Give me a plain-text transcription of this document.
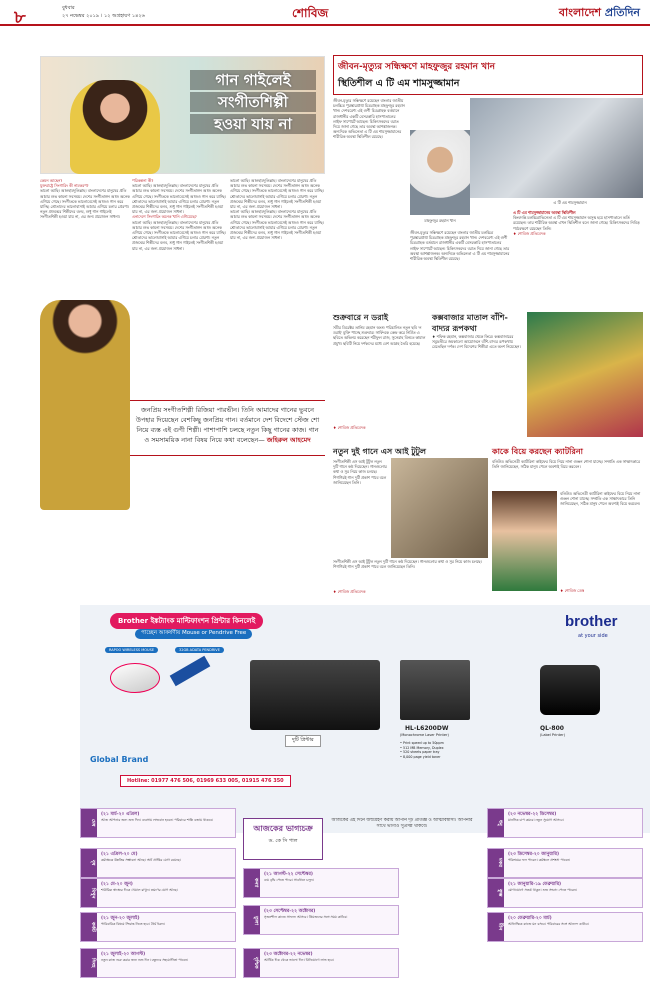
৮	বুধবার
২৭ নভেম্বর ২০১৯ । ১২ অগ্রহায়ণ ১৪২৬	শোবিজ	বাংলাদেশ প্রতিদিন
গান গাইলেই
সংগীতশিল্পী
হওয়া যায় না
কেমন আছেন?
যুক্তরাষ্ট্রে সিংগারিং কী নামকরণ?
ভালো আছি। আলহামদুলিল্লাহ। বাংলাদেশের মানুষের প্রতি আমার শুভ কামনা সবসময়। দেশের সংগীতাঙ্গন আজ অনেক এগিয়ে গেছে। সংগীতকে ভালোবেসেই আজও গান করে যাচ্ছি। শ্রোতাদের ভালোবাসাই আমার এগিয়ে চলার প্রেরণা। নতুন প্রজন্মের শিল্পীদের বলব, শুধু গান গাইলেই সংগীতশিল্পী হওয়া যায় না, এর জন্য প্রয়োজন সাধনা।
পরিকল্পনা কী?
ভালো আছি। আলহামদুলিল্লাহ। বাংলাদেশের মানুষের প্রতি আমার শুভ কামনা সবসময়। দেশের সংগীতাঙ্গন আজ অনেক এগিয়ে গেছে। সংগীতকে ভালোবেসেই আজও গান করে যাচ্ছি। শ্রোতাদের ভালোবাসাই আমার এগিয়ে চলার প্রেরণা। নতুন প্রজন্মের শিল্পীদের বলব, শুধু গান গাইলেই সংগীতশিল্পী হওয়া যায় না, এর জন্য প্রয়োজন সাধনা।
এনাদেশে সিংগারিং অনেক খানি এগিয়েছে?
ভালো আছি। আলহামদুলিল্লাহ। বাংলাদেশের মানুষের প্রতি আমার শুভ কামনা সবসময়। দেশের সংগীতাঙ্গন আজ অনেক এগিয়ে গেছে। সংগীতকে ভালোবেসেই আজও গান করে যাচ্ছি। শ্রোতাদের ভালোবাসাই আমার এগিয়ে চলার প্রেরণা। নতুন প্রজন্মের শিল্পীদের বলব, শুধু গান গাইলেই সংগীতশিল্পী হওয়া যায় না, এর জন্য প্রয়োজন সাধনা।
ভালো আছি। আলহামদুলিল্লাহ। বাংলাদেশের মানুষের প্রতি আমার শুভ কামনা সবসময়। দেশের সংগীতাঙ্গন আজ অনেক এগিয়ে গেছে। সংগীতকে ভালোবেসেই আজও গান করে যাচ্ছি। শ্রোতাদের ভালোবাসাই আমার এগিয়ে চলার প্রেরণা। নতুন প্রজন্মের শিল্পীদের বলব, শুধু গান গাইলেই সংগীতশিল্পী হওয়া যায় না, এর জন্য প্রয়োজন সাধনা।
ভালো আছি। আলহামদুলিল্লাহ। বাংলাদেশের মানুষের প্রতি আমার শুভ কামনা সবসময়। দেশের সংগীতাঙ্গন আজ অনেক এগিয়ে গেছে। সংগীতকে ভালোবেসেই আজও গান করে যাচ্ছি। শ্রোতাদের ভালোবাসাই আমার এগিয়ে চলার প্রেরণা। নতুন প্রজন্মের শিল্পীদের বলব, শুধু গান গাইলেই সংগীতশিল্পী হওয়া যায় না, এর জন্য প্রয়োজন সাধনা।
জনপ্রিয় সংগীতশিল্পী রিজিয়া পারভীন। তিনি আমাদের গানের ভুবনে উপহার দিয়েছেন বেশকিছু জনপ্রিয় গান। বর্তমানে দেশ বিদেশে স্টেজ শো নিয়ে ব্যস্ত এই গুণী শিল্পী। পাশাপাশি চলছে নতুন কিছু গানের কাজ। গান ও সমসাময়িক নানা বিষয় নিয়ে কথা বলেছেন— জহিরুল আহমেদ
জীবন-মৃত্যুর সন্ধিক্ষণে মাহফুজুর রহমান খান
স্থিতিশীল এ টি এম শামসুজ্জামান
জীবন-মৃত্যুর সন্ধিক্ষণে রয়েছেন বাংলার জাতীয় চলচ্চিত্র পুরস্কারপ্রাপ্ত চিত্রগ্রাহক মাহফুজুর রহমান খান। দেশবরেণ্য এই গুণী চিত্রগ্রাহক বর্তমানে রাজধানীর একটি বেসরকারি হাসপাতালের লাইফ সাপোর্টে আছেন। চিকিৎসকদের বরাত দিয়ে জানা গেছে তার অবস্থা আশঙ্কাজনক। অন্যদিকে অভিনেতা এ টি এম শামসুজ্জামানের শারীরিক অবস্থা স্থিতিশীল রয়েছে।
মাহফুজুর রহমান খান
এ টি এম শামসুজ্জামান
জীবন-মৃত্যুর সন্ধিক্ষণে রয়েছেন বাংলার জাতীয় চলচ্চিত্র পুরস্কারপ্রাপ্ত চিত্রগ্রাহক মাহফুজুর রহমান খান। দেশবরেণ্য এই গুণী চিত্রগ্রাহক বর্তমানে রাজধানীর একটি বেসরকারি হাসপাতালের লাইফ সাপোর্টে আছেন। চিকিৎসকদের বরাত দিয়ে জানা গেছে তার অবস্থা আশঙ্কাজনক। অন্যদিকে অভিনেতা এ টি এম শামসুজ্জামানের শারীরিক অবস্থা স্থিতিশীল রয়েছে।
এ টি এম শামসুজ্জামানের অবস্থা স্থিতিশীল
কিংবদন্তি চলচ্চিত্রাভিনেতা এ টি এম শামসুজ্জামান অসুস্থ হয়ে হাসপাতালে ভর্তি রয়েছেন। তার শারীরিক অবস্থা এখন স্থিতিশীল বলে জানা গেছে। চিকিৎসকদের নিবিড় পর্যবেক্ষণে রয়েছেন তিনি।
♦ শোবিজ প্রতিবেদক
শুক্রবারে ন ডরাই
সমীর ডিরেক্টর তানিম রহমান অংশু পরিচালিত নতুন ছবি 'ন ডরাই' মুক্তি পাচ্ছে শুক্রবার। সার্ফিংকে কেন্দ্র করে নির্মিত এ ছবিতে অভিনয় করেছেন শরীফুল রাজ, সুনেরাহ বিনতে কামাল প্রমুখ। ছবিটি নিয়ে দর্শকদের মধ্যে বেশ আগ্রহ তৈরি হয়েছে।
♦ শোবিজ প্রতিবেদক
কক্সবাজার মাতাল বাঁশি-বাদ্যর রূপকথা
♦ শফিক রহমান, কক্সবাজার থেকে ফিরে। কক্সবাজারের সমুদ্রতীরে জমকালো আয়োজনে বাঁশি-বাদ্যর রূপকথায় মেতেছিল দর্শক। দেশ বিদেশের শিল্পীরা এতে অংশ নিয়েছেন।
নতুন দুই গানে এস আই টুটুল
সংগীতশিল্পী এস আই টুটুল নতুন দুটি গানে কণ্ঠ দিয়েছেন। গানগুলোর কথা ও সুর নিয়ে কাজ চলছে। শিগগিরই গান দুটি প্রকাশ পাবে বলে জানিয়েছেন তিনি।
সংগীতশিল্পী এস আই টুটুল নতুন দুটি গানে কণ্ঠ দিয়েছেন। গানগুলোর কথা ও সুর নিয়ে কাজ চলছে। শিগগিরই গান দুটি প্রকাশ পাবে বলে জানিয়েছেন তিনি।
♦ শোবিজ প্রতিবেদক
কাকে বিয়ে করছেন ক্যাটরিনা
বলিউড অভিনেত্রী ক্যাটরিনা কাইফের বিয়ে নিয়ে নানা গুঞ্জন শোনা যাচ্ছে। সম্প্রতি এক সাক্ষাৎকারে তিনি জানিয়েছেন, সঠিক মানুষ পেলে অবশ্যই বিয়ে করবেন।
বলিউড অভিনেত্রী ক্যাটরিনা কাইফের বিয়ে নিয়ে নানা গুঞ্জন শোনা যাচ্ছে। সম্প্রতি এক সাক্ষাৎকারে তিনি জানিয়েছেন, সঠিক মানুষ পেলে অবশ্যই বিয়ে করবেন।
♦ শোবিজ ডেস্ক
Brother ইঙ্কট্যাংক মাল্টিফাংশন প্রিন্টার কিনলেই
পাচ্ছেন আকর্ষণীয় Mouse or Pendrive Free
RAPOO WIRELESS MOUSE	32GB ADATA PENDRIVE
দুটি প্রিন্টার
brother
at your side
HL-L6200DW
(Monochrome Laser Printer)
• Print speed up to 50ppm
• 512 MB Memory, Duplex
• 520 sheets paper tray
• 8,000 page yield toner
QL-800
(Label Printer)
Global Brand
Hotline: 01977 476 506, 01969 633 005, 01915 476 350
আজকের ভাগ্যচক্র
ড. কে সি পাল
আজকের এই দিনে জন্মগ্রহণ করায় আপনি দৃঢ় প্রতিজ্ঞ ও আত্মবিশ্বাসী। আপনার সাথে ভাগ্যও সুপ্রসন্ন থাকবে।
মেষ
(২১ মার্চ-২০ এপ্রিল)
আজ আপনার জন্য শুভ দিন। ব্যবসায় লাভবান হবেন। পরিবারে শান্তি বজায় থাকবে।
বৃষ
(২১ এপ্রিল-২০ মে)
কর্মক্ষেত্রে উন্নতির সম্ভাবনা আছে। অর্থ প্রাপ্তির যোগ রয়েছে।
মিথুন
(২১ মে-২০ জুন)
শারীরিক স্বাস্থ্যের দিকে খেয়াল রাখুন। ভ্রমণের যোগ আছে।
কর্কট
(২১ জুন-২০ জুলাই)
পারিবারিক বিষয়ে সিদ্ধান্ত নিতে হবে। ধৈর্য ধরুন।
সিংহ
(২১ জুলাই-২০ আগস্ট)
নতুন কাজ শুরু করার জন্য শুভ দিন। বন্ধুদের সহযোগিতা পাবেন।
কন্যা
(২১ আগস্ট-২২ সেপ্টেম্বর)
ব্যয় বৃদ্ধি পেতে পারে। সাবধানে চলুন।
তুলা
(২৩ সেপ্টেম্বর-২২ অক্টোবর)
সৃজনশীল কাজে সাফল্য আসবে। প্রিয়জনের সঙ্গে সময় কাটবে।
বৃশ্চিক
(২৩ অক্টোবর-২২ নভেম্বর)
আর্থিক দিক থেকে ভালো দিন। বিনিয়োগে লাভ হবে।
ধনু
(২৩ নভেম্বর-২২ ডিসেম্বর)
মানসিক চাপ কমবে। নতুন সুযোগ আসবে।
মকর
(২৩ ডিসেম্বর-২০ জানুয়ারি)
পরিশ্রমের ফল পাবেন। কর্মস্থলে প্রশংসা পাবেন।
কুম্ভ
(২১ জানুয়ারি-১৯ ফেব্রুয়ারি)
যোগাযোগে সতর্ক থাকুন। শুভ সংবাদ পেতে পারেন।
মীন
(২০ ফেব্রুয়ারি-২০ মার্চ)
আধ্যাত্মিক কাজে মন বসবে। পরিবারের সঙ্গে আনন্দে কাটবে।
